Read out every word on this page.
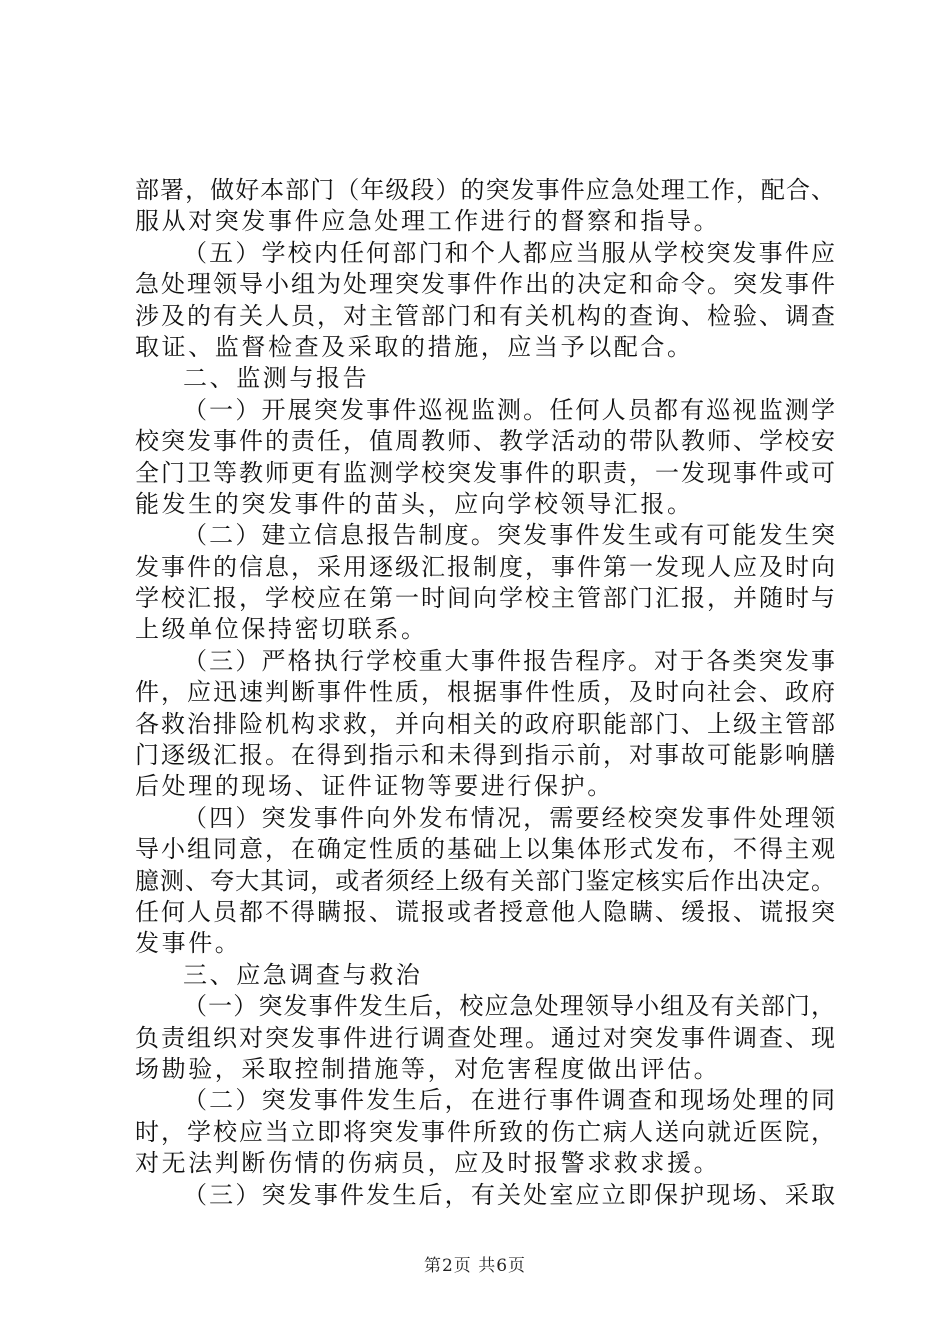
部署，做好本部门（年级段）的突发事件应急处理工作，配合、
服从对突发事件应急处理工作进行的督察和指导。
（五）学校内任何部门和个人都应当服从学校突发事件应
急处理领导小组为处理突发事件作出的决定和命令。突发事件
涉及的有关人员，对主管部门和有关机构的查询、检验、调查
取证、监督检查及采取的措施，应当予以配合。
二、监测与报告
（一）开展突发事件巡视监测。任何人员都有巡视监测学
校突发事件的责任，值周教师、教学活动的带队教师、学校安
全门卫等教师更有监测学校突发事件的职责，一发现事件或可
能发生的突发事件的苗头，应向学校领导汇报。
（二）建立信息报告制度。突发事件发生或有可能发生突
发事件的信息，采用逐级汇报制度，事件第一发现人应及时向
学校汇报，学校应在第一时间向学校主管部门汇报，并随时与
上级单位保持密切联系。
（三）严格执行学校重大事件报告程序。对于各类突发事
件，应迅速判断事件性质，根据事件性质，及时向社会、政府
各救治排险机构求救，并向相关的政府职能部门、上级主管部
门逐级汇报。在得到指示和未得到指示前，对事故可能影响膳
后处理的现场、证件证物等要进行保护。
（四）突发事件向外发布情况，需要经校突发事件处理领
导小组同意，在确定性质的基础上以集体形式发布，不得主观
臆测、夸大其词，或者须经上级有关部门鉴定核实后作出决定。
任何人员都不得瞒报、谎报或者授意他人隐瞒、缓报、谎报突
发事件。
三、应急调查与救治
（一）突发事件发生后，校应急处理领导小组及有关部门，
负责组织对突发事件进行调查处理。通过对突发事件调查、现
场勘验，采取控制措施等，对危害程度做出评估。
（二）突发事件发生后，在进行事件调查和现场处理的同
时，学校应当立即将突发事件所致的伤亡病人送向就近医院，
对无法判断伤情的伤病员，应及时报警求救求援。
（三）突发事件发生后，有关处室应立即保护现场、采取
第2页 共6页
